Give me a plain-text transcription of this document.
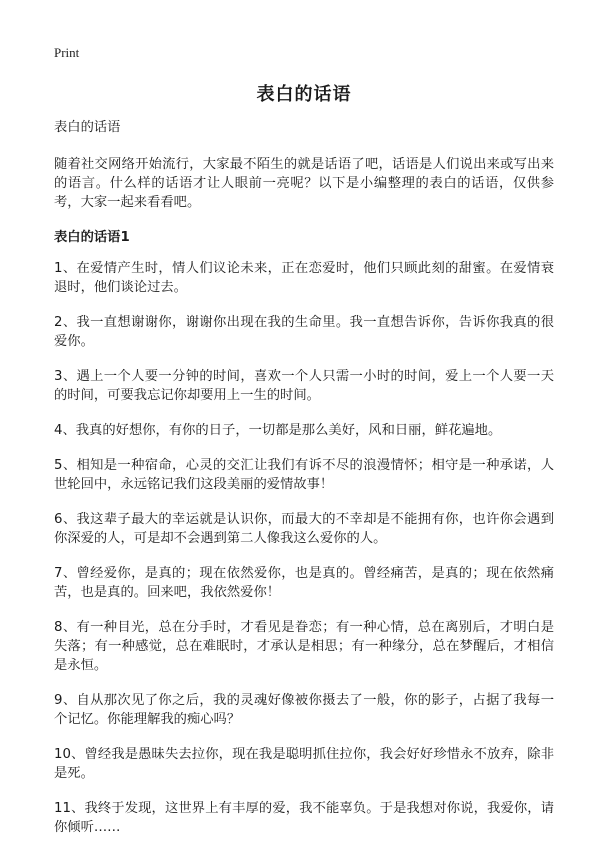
Print
表白的话语

表白的话语

随着社交网络开始流行，大家最不陌生的就是话语了吧，话语是人们说出来或写出来的语言。什么样的话语才让人眼前一亮呢？以下是小编整理的表白的话语，仅供参考，大家一起来看看吧。

表白的话语1

1、在爱情产生时，情人们议论未来，正在恋爱时，他们只顾此刻的甜蜜。在爱情衰退时，他们谈论过去。

2、我一直想谢谢你，谢谢你出现在我的生命里。我一直想告诉你，告诉你我真的很爱你。

3、遇上一个人要一分钟的时间，喜欢一个人只需一小时的时间，爱上一个人要一天的时间，可要我忘记你却要用上一生的时间。

4、我真的好想你，有你的日子，一切都是那么美好，风和日丽，鲜花遍地。

5、相知是一种宿命，心灵的交汇让我们有诉不尽的浪漫情怀；相守是一种承诺，人世轮回中，永远铭记我们这段美丽的爱情故事！

6、我这辈子最大的幸运就是认识你，而最大的不幸却是不能拥有你，也许你会遇到你深爱的人，可是却不会遇到第二人像我这么爱你的人。

7、曾经爱你，是真的；现在依然爱你，也是真的。曾经痛苦，是真的；现在依然痛苦，也是真的。回来吧，我依然爱你！

8、有一种目光，总在分手时，才看见是眷恋；有一种心情，总在离别后，才明白是失落；有一种感觉，总在难眠时，才承认是相思；有一种缘分，总在梦醒后，才相信是永恒。

9、自从那次见了你之后，我的灵魂好像被你摄去了一般，你的影子，占据了我每一个记忆。你能理解我的痴心吗？

10、曾经我是愚昧失去拉你，现在我是聪明抓住拉你，我会好好珍惜永不放弃，除非是死。

11、我终于发现，这世界上有丰厚的爱，我不能辜负。于是我想对你说，我爱你，请你倾听……
